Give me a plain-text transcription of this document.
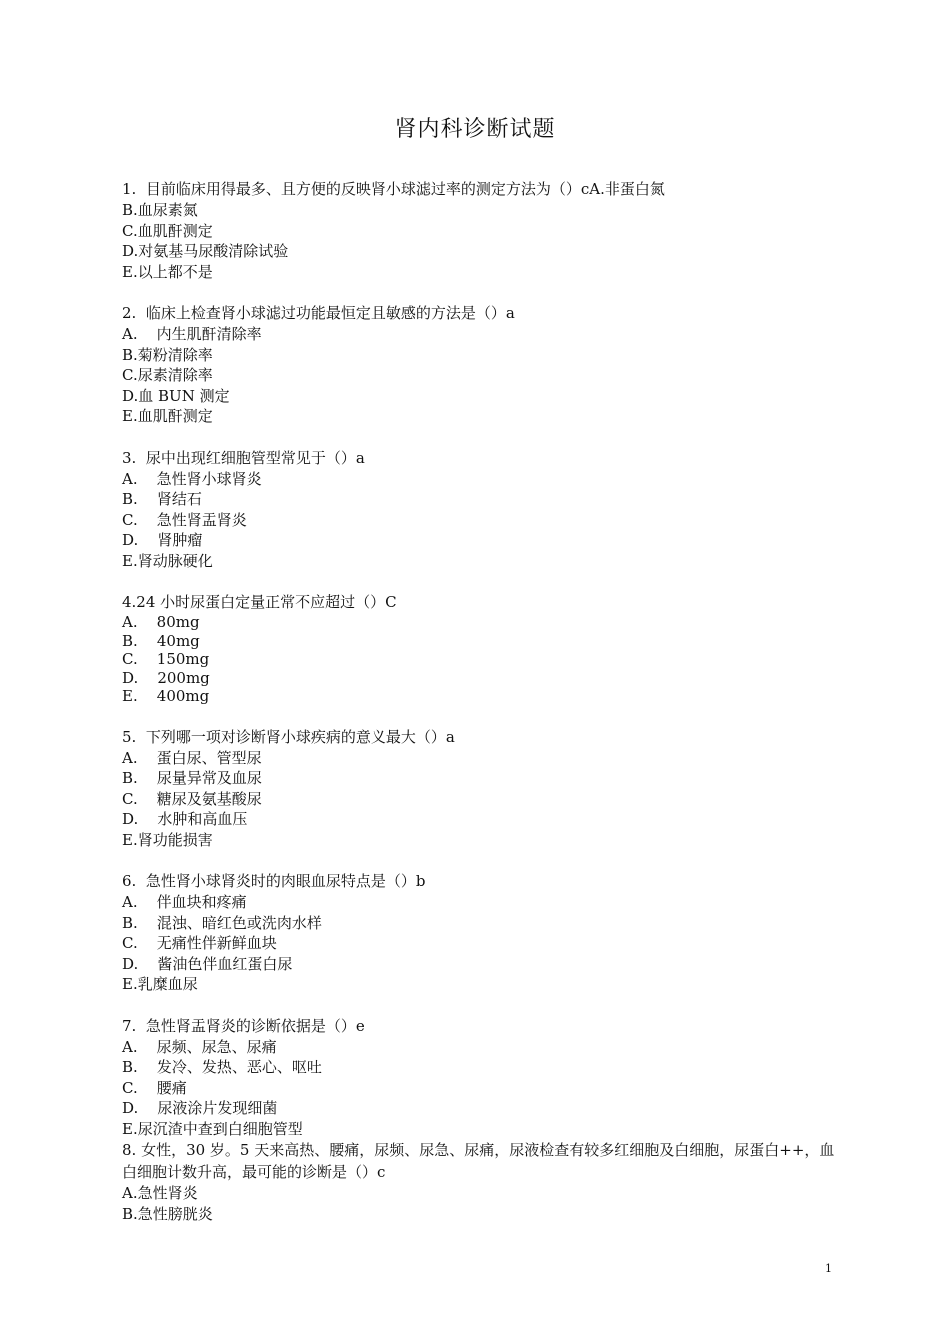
肾内科诊断试题

1.  目前临床用得最多、且方便的反映肾小球滤过率的测定方法为（）cA.非蛋白氮

B.血尿素氮

C.血肌酐测定

D.对氨基马尿酸清除试验

E.以上都不是

2.  临床上检查肾小球滤过功能最恒定且敏感的方法是（）a

A.    内生肌酐清除率

B.菊粉清除率

C.尿素清除率

D.血 BUN 测定

E.血肌酐测定

3.  尿中出现红细胞管型常见于（）a

A.    急性肾小球肾炎

B.    肾结石

C.    急性肾盂肾炎

D.    肾肿瘤

E.肾动脉硬化

4.24 小时尿蛋白定量正常不应超过（）C

A.    80mg

B.    40mg

C.    150mg

D.    200mg

E.    400mg

5.  下列哪一项对诊断肾小球疾病的意义最大（）a

A.    蛋白尿、管型尿

B.    尿量异常及血尿

C.    糖尿及氨基酸尿

D.    水肿和高血压

E.肾功能损害

6.  急性肾小球肾炎时的肉眼血尿特点是（）b

A.    伴血块和疼痛

B.    混浊、暗红色或洗肉水样

C.    无痛性伴新鲜血块

D.    酱油色伴血红蛋白尿

E.乳糜血尿

7.  急性肾盂肾炎的诊断依据是（）e

A.    尿频、尿急、尿痛

B.    发冷、发热、恶心、呕吐

C.    腰痛

D.    尿液涂片发现细菌

E.尿沉渣中查到白细胞管型

8. 女性，30 岁。5 天来高热、腰痛，尿频、尿急、尿痛，尿液检查有较多红细胞及白细胞，尿蛋白++，血白细胞计数升高，最可能的诊断是（）c

A.急性肾炎

B.急性膀胱炎

1
